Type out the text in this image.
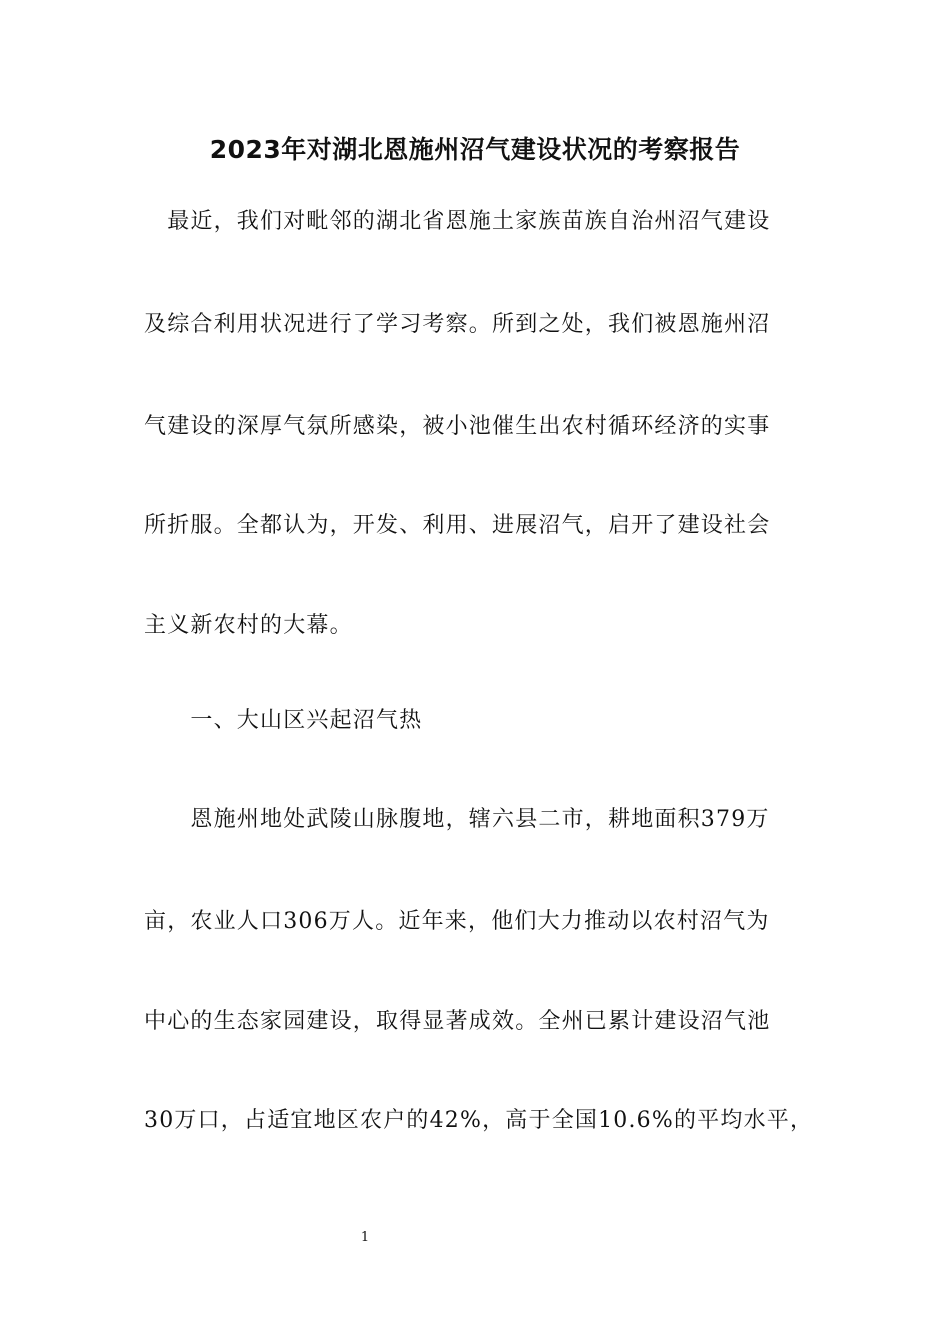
2023年对湖北恩施州沼气建设状况的考察报告
　最近，我们对毗邻的湖北省恩施土家族苗族自治州沼气建设
及综合利用状况进行了学习考察。所到之处，我们被恩施州沼
气建设的深厚气氛所感染，被小池催生出农村循环经济的实事
所折服。全都认为，开发、利用、进展沼气，启开了建设社会
主义新农村的大幕。
　　一、大山区兴起沼气热
　　恩施州地处武陵山脉腹地，辖六县二市，耕地面积379万
亩，农业人口306万人。近年来，他们大力推动以农村沼气为
中心的生态家园建设，取得显著成效。全州已累计建设沼气池
30万口，占适宜地区农户的42%，高于全国10.6%的平均水平，
1
